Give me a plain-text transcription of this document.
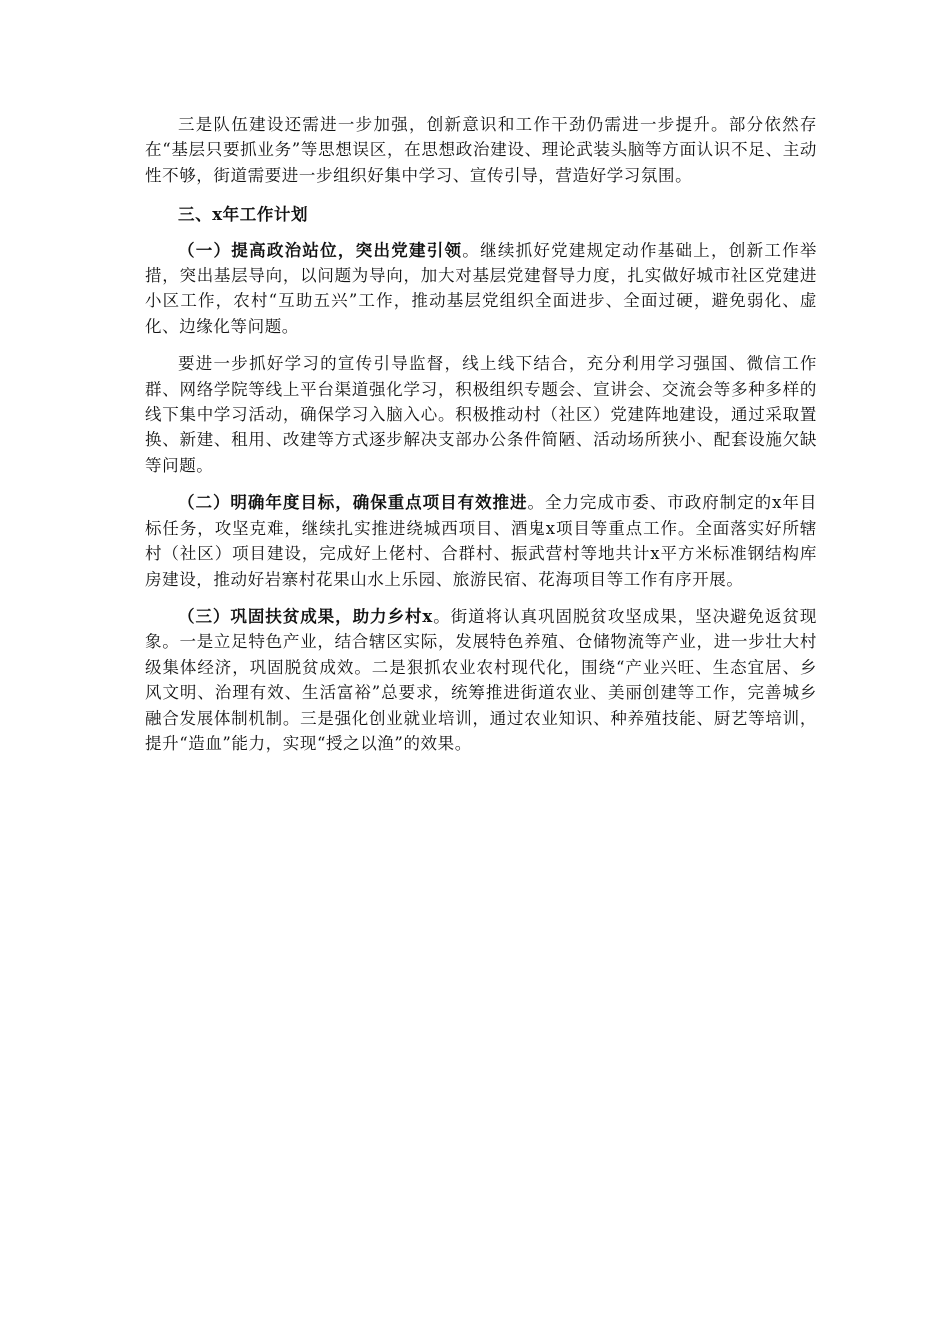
三是队伍建设还需进一步加强，创新意识和工作干劲仍需进一步提升。部分依然存在“基层只要抓业务”等思想误区，在思想政治建设、理论武装头脑等方面认识不足、主动性不够，街道需要进一步组织好集中学习、宣传引导，营造好学习氛围。

三、x年工作计划

（一）提高政治站位，突出党建引领。继续抓好党建规定动作基础上，创新工作举措，突出基层导向，以问题为导向，加大对基层党建督导力度，扎实做好城市社区党建进小区工作，农村“互助五兴”工作，推动基层党组织全面进步、全面过硬，避免弱化、虚化、边缘化等问题。

要进一步抓好学习的宣传引导监督，线上线下结合，充分利用学习强国、微信工作群、网络学院等线上平台渠道强化学习，积极组织专题会、宣讲会、交流会等多种多样的线下集中学习活动，确保学习入脑入心。积极推动村（社区）党建阵地建设，通过采取置换、新建、租用、改建等方式逐步解决支部办公条件简陋、活动场所狭小、配套设施欠缺等问题。

（二）明确年度目标，确保重点项目有效推进。全力完成市委、市政府制定的x年目标任务，攻坚克难，继续扎实推进绕城西项目、酒鬼x项目等重点工作。全面落实好所辖村（社区）项目建设，完成好上佬村、合群村、振武营村等地共计x平方米标准钢结构库房建设，推动好岩寨村花果山水上乐园、旅游民宿、花海项目等工作有序开展。

（三）巩固扶贫成果，助力乡村x。街道将认真巩固脱贫攻坚成果，坚决避免返贫现象。一是立足特色产业，结合辖区实际，发展特色养殖、仓储物流等产业，进一步壮大村级集体经济，巩固脱贫成效。二是狠抓农业农村现代化，围绕“产业兴旺、生态宜居、乡风文明、治理有效、生活富裕”总要求，统筹推进街道农业、美丽创建等工作，完善城乡融合发展体制机制。三是强化创业就业培训，通过农业知识、种养殖技能、厨艺等培训，提升“造血”能力，实现“授之以渔”的效果。
